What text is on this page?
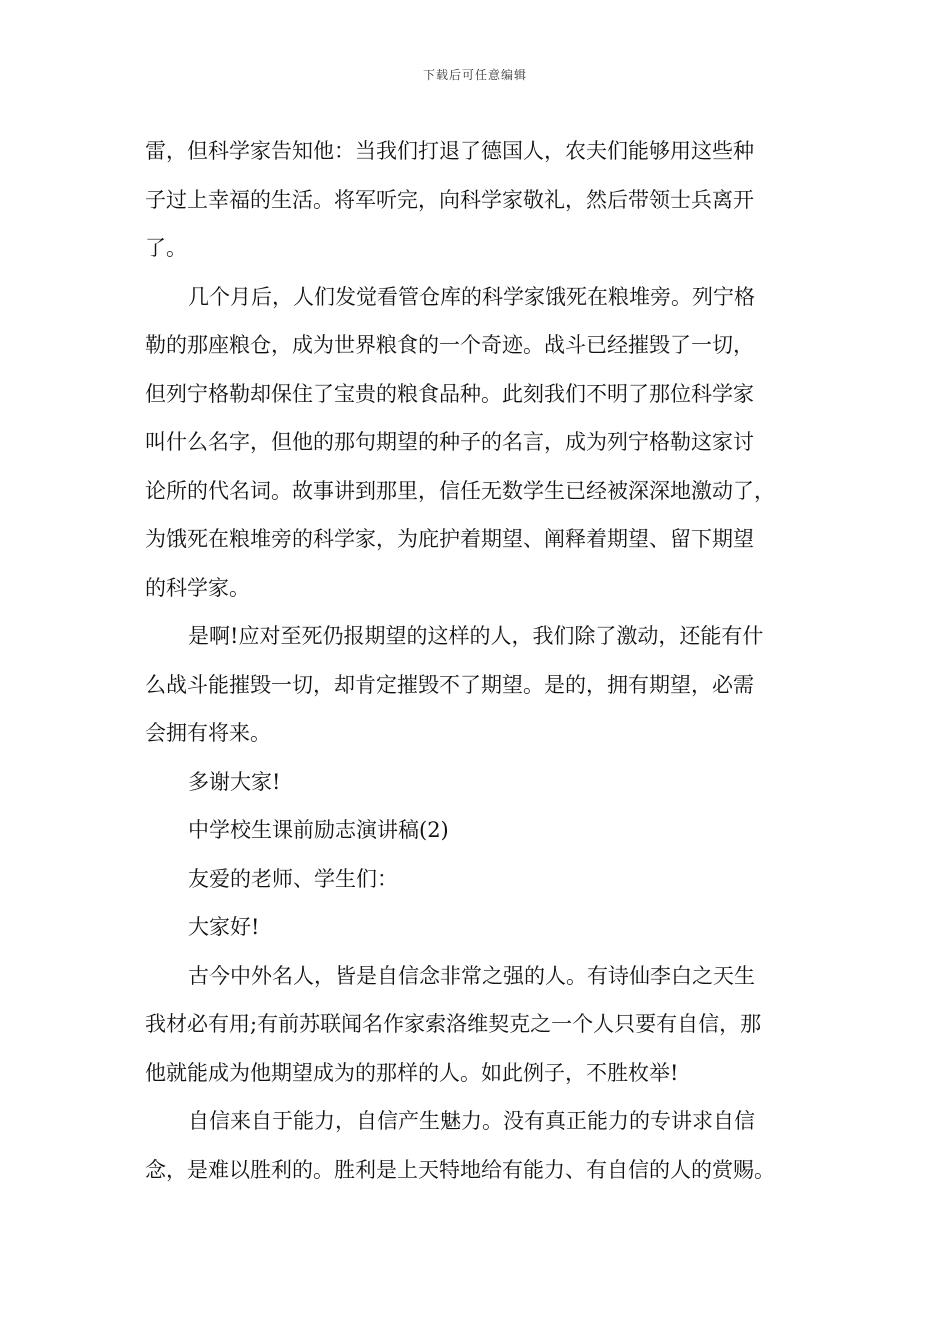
下载后可任意编辑
雷，但科学家告知他：当我们打退了德国人，农夫们能够用这些种
子过上幸福的生活。将军听完，向科学家敬礼，然后带领士兵离开
了。
几个月后，人们发觉看管仓库的科学家饿死在粮堆旁。列宁格
勒的那座粮仓，成为世界粮食的一个奇迹。战斗已经摧毁了一切，
但列宁格勒却保住了宝贵的粮食品种。此刻我们不明了那位科学家
叫什么名字，但他的那句期望的种子的名言，成为列宁格勒这家讨
论所的代名词。故事讲到那里，信任无数学生已经被深深地激动了，
为饿死在粮堆旁的科学家，为庇护着期望、阐释着期望、留下期望
的科学家。
是啊!应对至死仍报期望的这样的人，我们除了激动，还能有什
么战斗能摧毁一切，却肯定摧毁不了期望。是的，拥有期望，必需
会拥有将来。
多谢大家!
中学校生课前励志演讲稿(2)
友爱的老师、学生们：
大家好!
古今中外名人，皆是自信念非常之强的人。有诗仙李白之天生
我材必有用;有前苏联闻名作家索洛维契克之一个人只要有自信，那
他就能成为他期望成为的那样的人。如此例子，不胜枚举!
自信来自于能力，自信产生魅力。没有真正能力的专讲求自信
念，是难以胜利的。胜利是上天特地给有能力、有自信的人的赏赐。
